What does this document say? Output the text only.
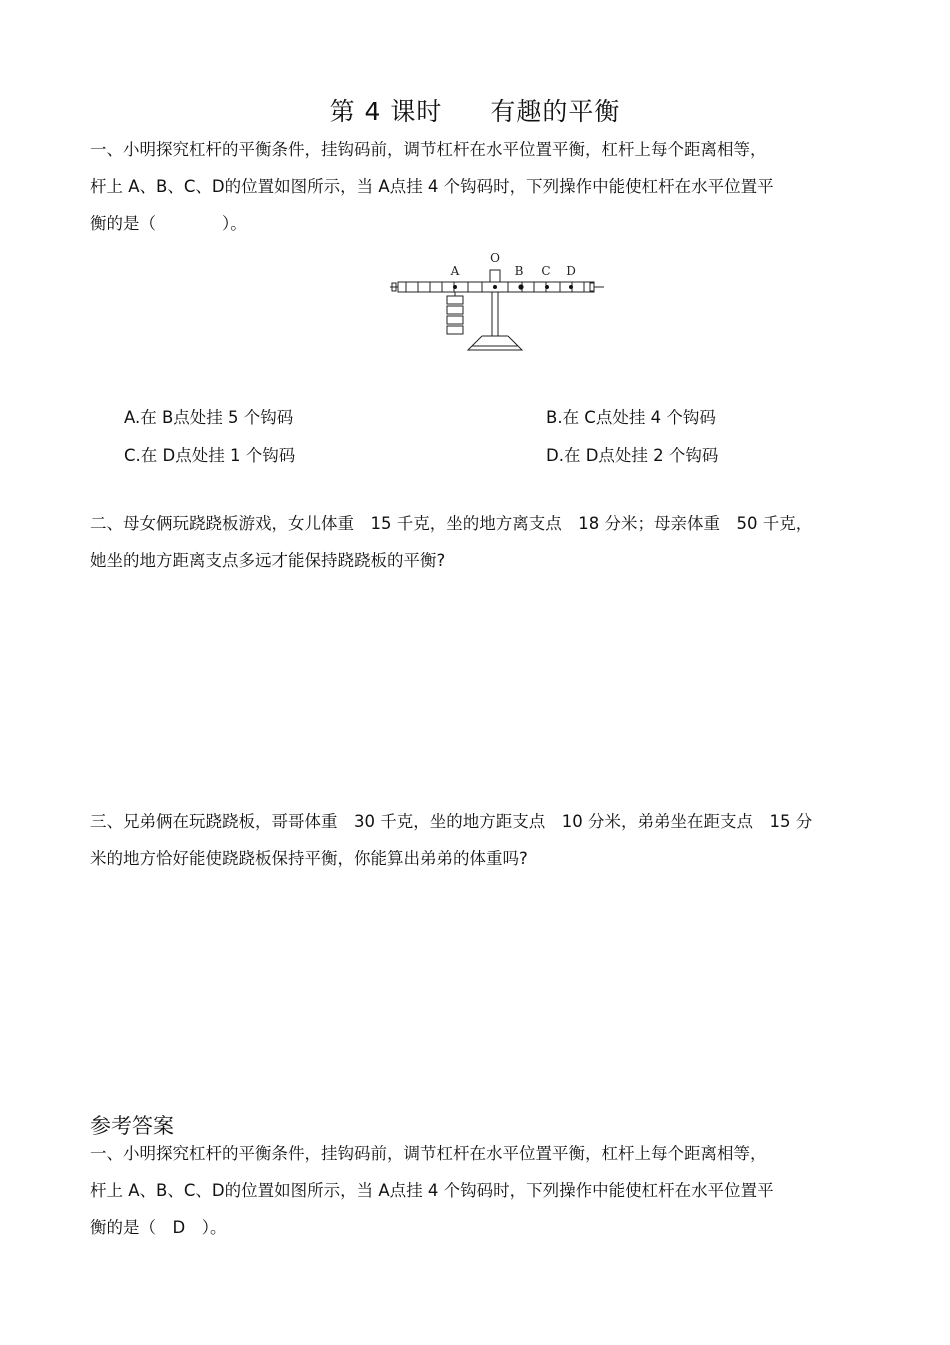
第 4 课时 有趣的平衡
一、小明探究杠杆的平衡条件，挂钩码前，调节杠杆在水平位置平衡，杠杆上每个距离相等，
杆上 A、B、C、D的位置如图所示，当 A点挂 4 个钩码时，下列操作中能使杠杆在水平位置平
衡的是（　　　　）。
A
O
B C D
A.在 B点处挂 5 个钩码	B.在 C点处挂 4 个钩码
C.在 D点处挂 1 个钩码	D.在 D点处挂 2 个钩码
二、母女俩玩跷跷板游戏，女儿体重　15 千克，坐的地方离支点　18 分米；母亲体重　50 千克，
她坐的地方距离支点多远才能保持跷跷板的平衡?
三、兄弟俩在玩跷跷板，哥哥体重　30 千克，坐的地方距支点　10 分米，弟弟坐在距支点　15 分
米的地方恰好能使跷跷板保持平衡，你能算出弟弟的体重吗?
参考答案
一、小明探究杠杆的平衡条件，挂钩码前，调节杠杆在水平位置平衡，杠杆上每个距离相等，
杆上 A、B、C、D的位置如图所示，当 A点挂 4 个钩码时，下列操作中能使杠杆在水平位置平
衡的是（　D　）。
